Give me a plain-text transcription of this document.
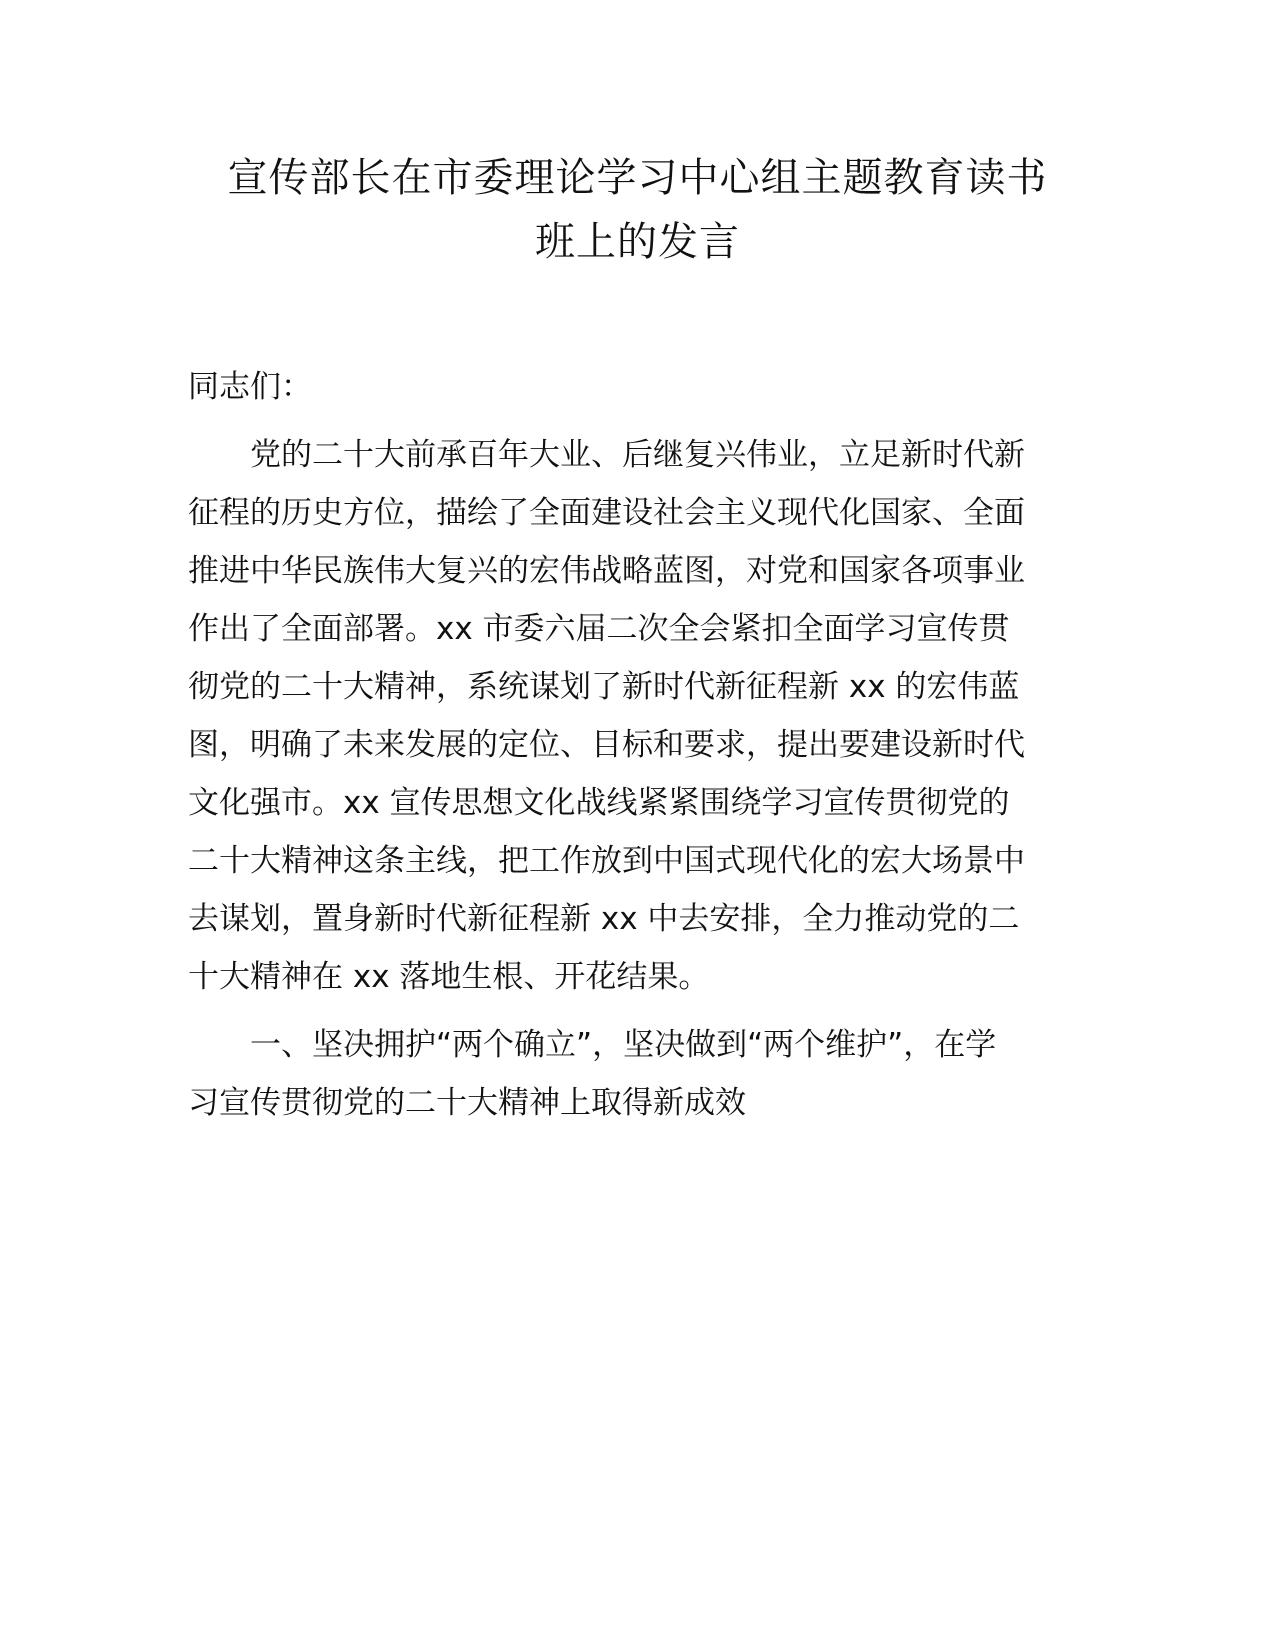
宣传部长在市委理论学习中心组主题教育读书
班上的发言

同志们：

党的二十大前承百年大业、后继复兴伟业，立足新时代新
征程的历史方位，描绘了全面建设社会主义现代化国家、全面
推进中华民族伟大复兴的宏伟战略蓝图，对党和国家各项事业
作出了全面部署。xx 市委六届二次全会紧扣全面学习宣传贯
彻党的二十大精神，系统谋划了新时代新征程新 xx 的宏伟蓝
图，明确了未来发展的定位、目标和要求，提出要建设新时代
文化强市。xx 宣传思想文化战线紧紧围绕学习宣传贯彻党的
二十大精神这条主线，把工作放到中国式现代化的宏大场景中
去谋划，置身新时代新征程新 xx 中去安排，全力推动党的二
十大精神在 xx 落地生根、开花结果。

一、坚决拥护“两个确立”，坚决做到“两个维护”，在学
习宣传贯彻党的二十大精神上取得新成效
